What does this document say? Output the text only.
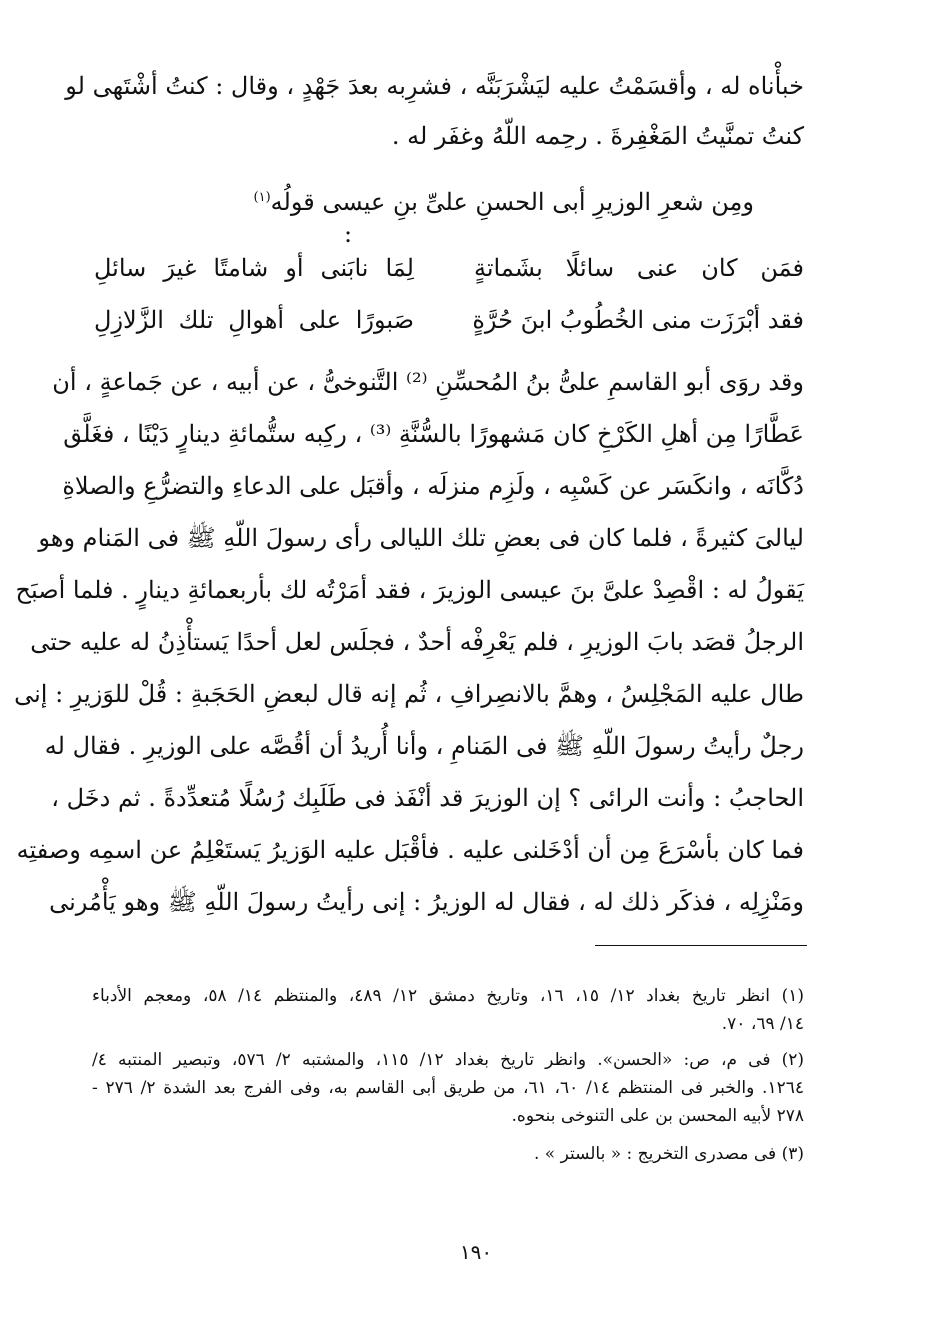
خبأْناه له ، وأقسَمْتُ عليه ليَشْرَبَنَّه ، فشرِبه بعدَ جَهْدٍ ، وقال : كنتُ أشْتَهى لو
كنتُ تمنَّيتُ المَغْفِرةَ . رحِمه اللّهُ وغفَر له .
ومِن شعرِ الوزيرِ أبى الحسنِ علىِّ بنِ عيسى قولُه$^{(١)}$
:
فمَن كان عنى سائلًا بشَماتةٍ
لِمَا نابَنى أو شامتًا غيرَ سائلِ
فقد أبْرَزَت منى الخُطُوبُ ابنَ حُرَّةٍ
صَبورًا على أهوالِ تلك الزَّلازِلِ
وقد روَى أبو القاسمِ علىُّ بنُ المُحسِّنِ ⁽²⁾ التَّنوخىُّ ، عن أبيه ، عن جَماعةٍ ، أن
عَطَّارًا مِن أهلِ الكَرْخِ كان مَشهورًا بالسُّنَّةِ ⁽³⁾ ، ركِبه ستُّمائةِ دينارٍ دَيْنًا ، فغَلَّق
دُكَّانَه ، وانكَسَر عن كَسْبِه ، ولَزِم منزلَه ، وأقبَل على الدعاءِ والتضرُّعِ والصلاةِ
ليالىَ كثيرةً ، فلما كان فى بعضِ تلك الليالى رأى رسولَ اللّهِ ﷺ فى المَنام وهو
يَقولُ له : اقْصِدْ علىَّ بنَ عيسى الوزيرَ ، فقد أمَرْتُه لك بأربعمائةِ دينارٍ . فلما أصبَح
الرجلُ قصَد بابَ الوزيرِ ، فلم يَعْرِفْه أحدٌ ، فجلَس لعل أحدًا يَستأْذِنُ له عليه حتى
طال عليه المَجْلِسُ ، وهمَّ بالانصِرافِ ، ثُم إنه قال لبعضِ الحَجَبةِ : قُلْ للوَزيرِ : إنى
رجلٌ رأيتُ رسولَ اللّهِ ﷺ فى المَنامِ ، وأنا أُريدُ أن أقُصَّه على الوزيرِ . فقال له
الحاجبُ : وأنت الرائى ؟ إن الوزيرَ قد أنْفَذ فى طَلَبِك رُسُلًا مُتعدِّدةً . ثم دخَل ،
فما كان بأسْرَعَ مِن أن أدْخَلنى عليه . فأقْبَل عليه الوَزيرُ يَستَعْلِمُ عن اسمِه وصفتِه
ومَنْزِلِه ، فذكَر ذلك له ، فقال له الوزيرُ : إنى رأيتُ رسولَ اللّهِ ﷺ وهو يَأْمُرنى
(١) انظر تاريخ بغداد ١٢/ ١٥، ١٦، وتاريخ دمشق ١٢/ ٤٨٩، والمنتظم ١٤/ ٥٨، ومعجم الأدباء
١٤/ ٦٩، ٧٠.
(٢) فى م، ص: «الحسن». وانظر تاريخ بغداد ١٢/ ١١٥، والمشتبه ٢/ ٥٧٦، وتبصير المنتبه ٤/
١٢٦٤. والخبر فى المنتظم ١٤/ ٦٠، ٦١، من طريق أبى القاسم به، وفى الفرج بعد الشدة ٢/ ٢٧٦ -
٢٧٨ لأبيه المحسن بن على التنوخى بنحوه.
(٣) فى مصدرى التخريج : « بالستر » .
١٩٠
